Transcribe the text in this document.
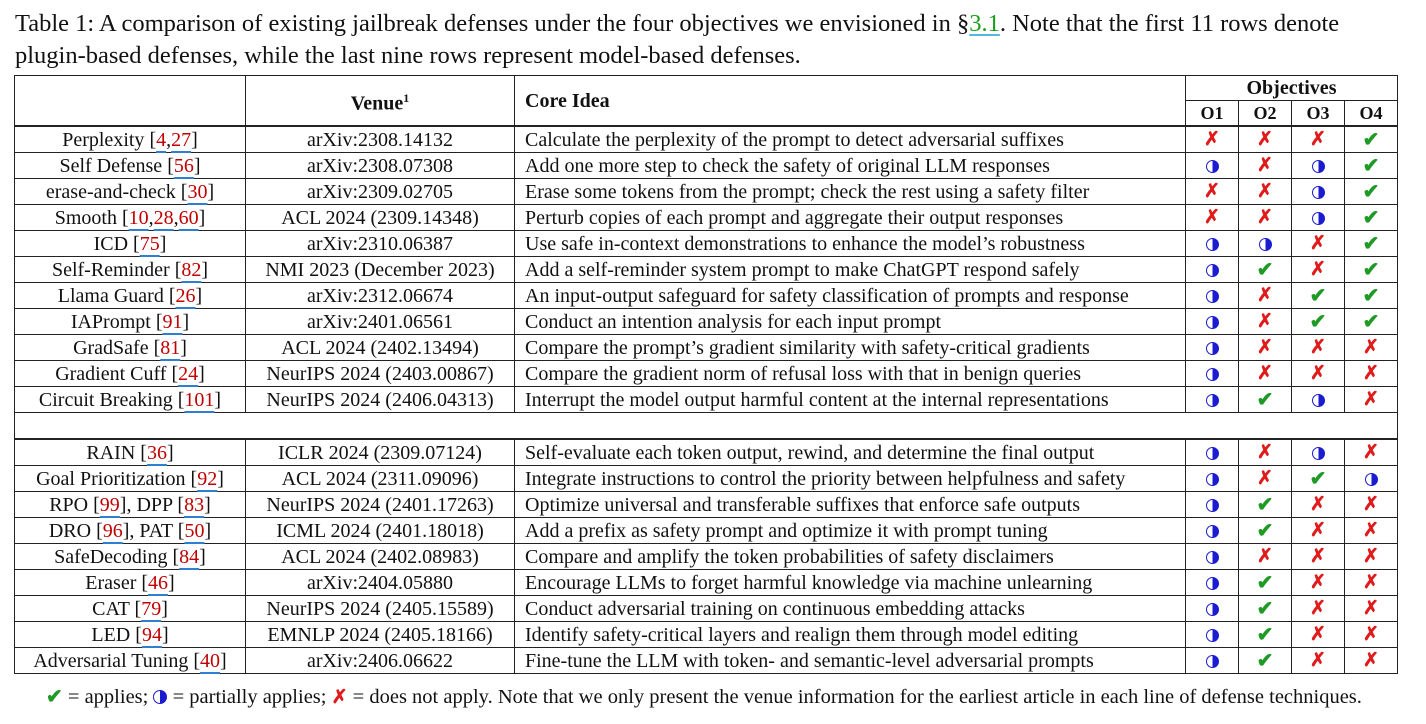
Table 1: A comparison of existing jailbreak defenses under the four objectives we envisioned in §3.1. Note that the first 11 rows denote plugin-based defenses, while the last nine rows represent model-based defenses.
	Venue$^1$	Core Idea	Objectives			
			O1	O2	O3	O4
Perplexity [4,27]	arXiv:2308.14132	Calculate the perplexity of the prompt to detect adversarial suffixes	✗	✗	✗	✔
Self Defense [56]	arXiv:2308.07308	Add one more step to check the safety of original LLM responses		✗		✔
erase-and-check [30]	arXiv:2309.02705	Erase some tokens from the prompt; check the rest using a safety filter	✗	✗		✔
Smooth [10,28,60]	ACL 2024 (2309.14348)	Perturb copies of each prompt and aggregate their output responses	✗	✗		✔
ICD [75]	arXiv:2310.06387	Use safe in-context demonstrations to enhance the model’s robustness			✗	✔
Self-Reminder [82]	NMI 2023 (December 2023)	Add a self-reminder system prompt to make ChatGPT respond safely		✔	✗	✔
Llama Guard [26]	arXiv:2312.06674	An input-output safeguard for safety classification of prompts and response		✗	✔	✔
IAPrompt [91]	arXiv:2401.06561	Conduct an intention analysis for each input prompt		✗	✔	✔
GradSafe [81]	ACL 2024 (2402.13494)	Compare the prompt’s gradient similarity with safety-critical gradients		✗	✗	✗
Gradient Cuff [24]	NeurIPS 2024 (2403.00867)	Compare the gradient norm of refusal loss with that in benign queries		✗	✗	✗
Circuit Breaking [101]	NeurIPS 2024 (2406.04313)	Interrupt the model output harmful content at the internal representations		✔		✗

RAIN [36]	ICLR 2024 (2309.07124)	Self-evaluate each token output, rewind, and determine the final output		✗		✗
Goal Prioritization [92]	ACL 2024 (2311.09096)	Integrate instructions to control the priority between helpfulness and safety		✗	✔	
RPO [99], DPP [83]	NeurIPS 2024 (2401.17263)	Optimize universal and transferable suffixes that enforce safe outputs		✔	✗	✗
DRO [96], PAT [50]	ICML 2024 (2401.18018)	Add a prefix as safety prompt and optimize it with prompt tuning		✔	✗	✗
SafeDecoding [84]	ACL 2024 (2402.08983)	Compare and amplify the token probabilities of safety disclaimers		✗	✗	✗
Eraser [46]	arXiv:2404.05880	Encourage LLMs to forget harmful knowledge via machine unlearning		✔	✗	✗
CAT [79]	NeurIPS 2024 (2405.15589)	Conduct adversarial training on continuous embedding attacks		✔	✗	✗
LED [94]	EMNLP 2024 (2405.18166)	Identify safety-critical layers and realign them through model editing		✔	✗	✗
Adversarial Tuning [40]	arXiv:2406.06622	Fine-tune the LLM with token- and semantic-level adversarial prompts		✔	✗	✗
✔ = applies;  = partially applies; ✗ = does not apply. Note that we only present the venue information for the earliest article in each line of defense techniques.
